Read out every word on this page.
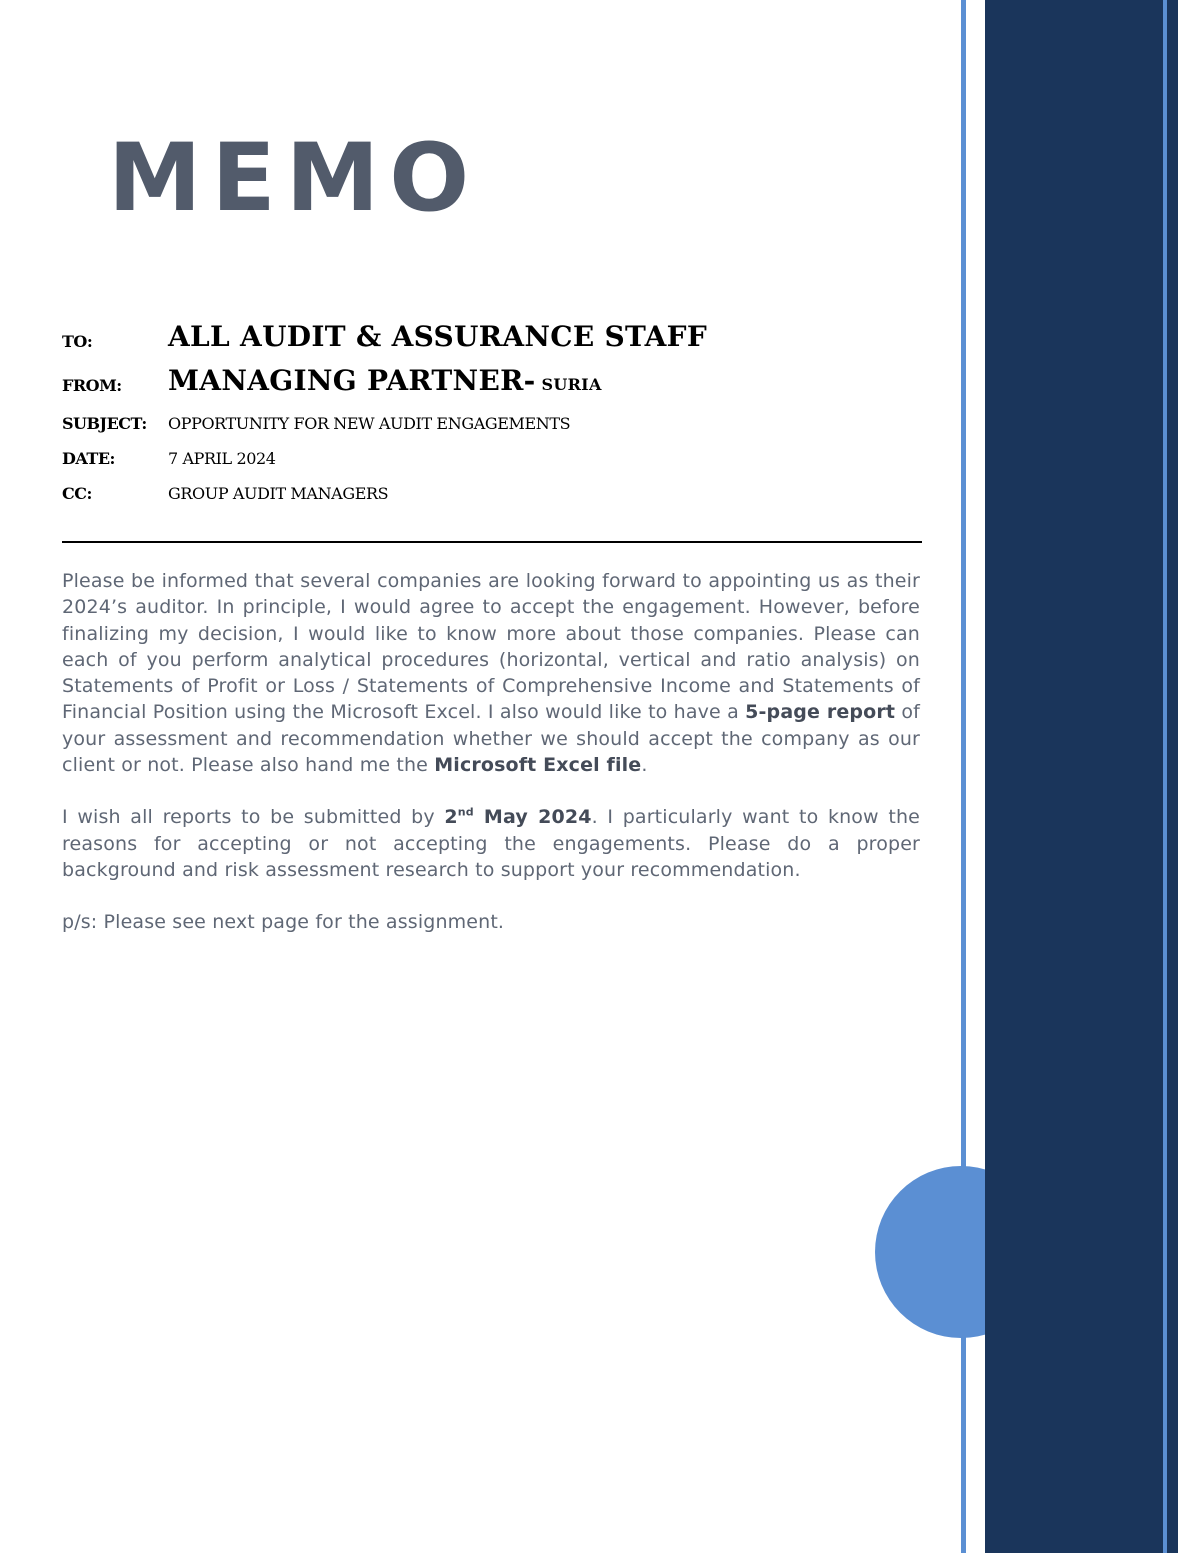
MEMO
TO:	ALL AUDIT & ASSURANCE STAFF
FROM: MANAGING PARTNER- SURIA
SUBJECT: OPPORTUNITY FOR NEW AUDIT ENGAGEMENTS
DATE:	7 APRIL 2024
CC:	GROUP AUDIT MANAGERS

Please be informed that several companies are looking forward to appointing us as their 2024’s auditor. In principle, I would agree to accept the engagement. However, before finalizing my decision, I would like to know more about those companies. Please can each of you perform analytical procedures (horizontal, vertical and ratio analysis) on Statements of Profit or Loss / Statements of Comprehensive Income and Statements of Financial Position using the Microsoft Excel. I also would like to have a 5-page report of your assessment and recommendation whether we should accept the company as our client or not. Please also hand me the Microsoft Excel file.

I wish all reports to be submitted by 2nd May 2024. I particularly want to know the reasons for accepting or not accepting the engagements. Please do a proper background and risk assessment research to support your recommendation.

p/s: Please see next page for the assignment.
